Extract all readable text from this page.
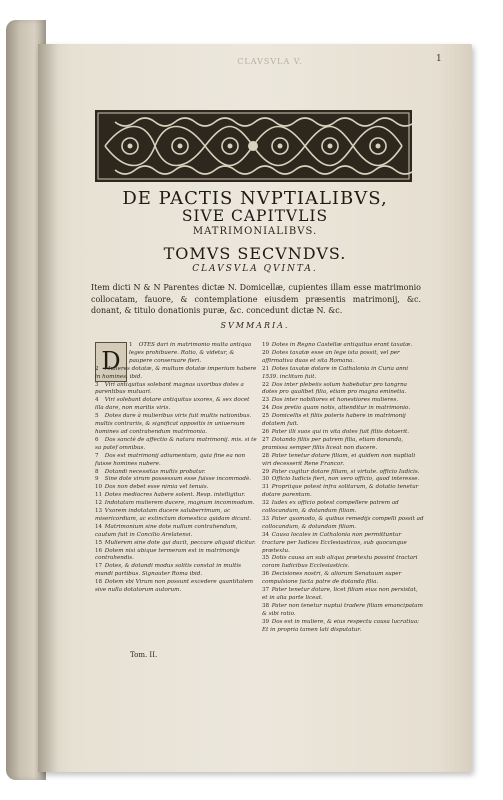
CLAVSVLA V.	1
DE PACTIS NVPTIALIBVS,
SIVE CAPITVLIS
MATRIMONIALIBVS.
TOMVS SECVNDVS.
CLAVSVLA QVINTA.
Item dicti N & N Parentes dictæ N. Domicellæ, cupientes illam esse matrimonio collocatam, fauore, & contemplatione eiusdem præsentis matrimonij, &c. donant, & titulo donationis puræ, &c. concedunt dictæ N. &c.
SVMMARIA.
D

1 OTES dari in matrimonio multa antiqua leges prohibuere. Ratio, & videtur, & paupere conseruare fieri.

2 Mulieres dotatæ, & multum dotatæ imperium habere in homines. ibid.

3 Viri antiquitus solebant magnas uxoribus dotes a parentibus mutuari.

4 Viri solebant dotare antiquitus uxores, & sex docet illa dare, non maritis viris.

5 Dotes dare à mulieribus viris fuit multis nationibus. multis contrariis, & significat oppositis in uniuersum homines ad contrahendum matrimonia.

6 Dos sanctè de affectio & natura matrimonij. mis. si te sa patef omnibus.

7 Dos est matrimonij adiumentum, quia fine ea non fuisse homines nubere.

8 Dotandi necessitas multis probatur.

9 Sine dote virum possessum esse fuisse incommodè.

10 Dos non debet esse nimia vel tenuis.

11 Dotes mediocres habere solent. Resp. intelligitur.

12 Indotatam mulierem ducere, magnum incommodum.

13 Vxorem indotatam ducere saluberrimum, ac misericordiam, ac extinctum domestica quidam dicunt.

14 Matrimonium sine dote nullum contrahendum, cautum fuit in Concilio Arelatensi.

15 Mulierem sine dote qui ducit, peccare aliquid dicitur.

16 Dotem nisi ubique termeram est in matrimonijs contrahendis.

17 Dotes, & dotandi modus solitis constat in multis mundi partibus. Signauter Roma ibid.

18 Dotem vbi Virum non possunt excedere quantitatem sive nulla dotatorum autorum.

19 Dotes in Regno Castellæ antiquitus erant taxatæ.

20 Dotes taxatæ esse an lege ista possit, vel per affirmativa duas et sita Romana.

21 Dotes taxatæ dotare in Cathalonia in Curia anni 1539. inclitum fuit.

22 Dos inter plebeiis solum habebatur pro tangrna dotes pro qualibet filia, etiam pro magna eminetia.

23 Dos inter nobiliores et honestiores mulieres.

24 Dos pretio quam notis, attenditur in matrimonio.

25 Domicellis et filiis poteris habere in matrimonij dotatem fuit.

26 Pater illi suos qui in vita dotes fuit filiis dotaerit.

27 Dotando filiis per patrem filia, etiam donanda, pramissa semper filiis liceat non ducere.

28 Pater tenetur dotare filiam, ei quidem non nuptiali viri decesserit Rene Francor.

29 Pater cogitur dotare filiam, si virtute. officio Iudicis.

30 Officio Iudicis fieri, non vero officio, quod interesse.

31 Propriique potest infra solitarum, & dotatio tenetur dotare parentum.

32 Iudex ex officio potest compellere patrem ad collocandum, & dotandum filiam.

33 Pater quomodo, & quibus remedijs compelli possit ad collocandum, & dotandam filiam.

34 Causa locales in Cathalonia non permittuntur tractare per Iudices Ecclesiasticos, sub quocunque prætextu.

35 Dotis causa an sub aliqua prætextu possint tractari coram Iudicibus Ecclesiasticis.

36 Decisiones nostri, & aliorum Senatuum super compulsione facta patre de dotanda filia.

37 Pater tenetur dotare, licet filiam eius non persistat, et in alia parte liceat.

38 Pater non tenetur nuptui tradere filiam emancipatam & sibi ratio.

39 Dos est in muliere, & eius respectu causa lucratiua: Et in propria tamen lati disputatur.

Tom. II.
